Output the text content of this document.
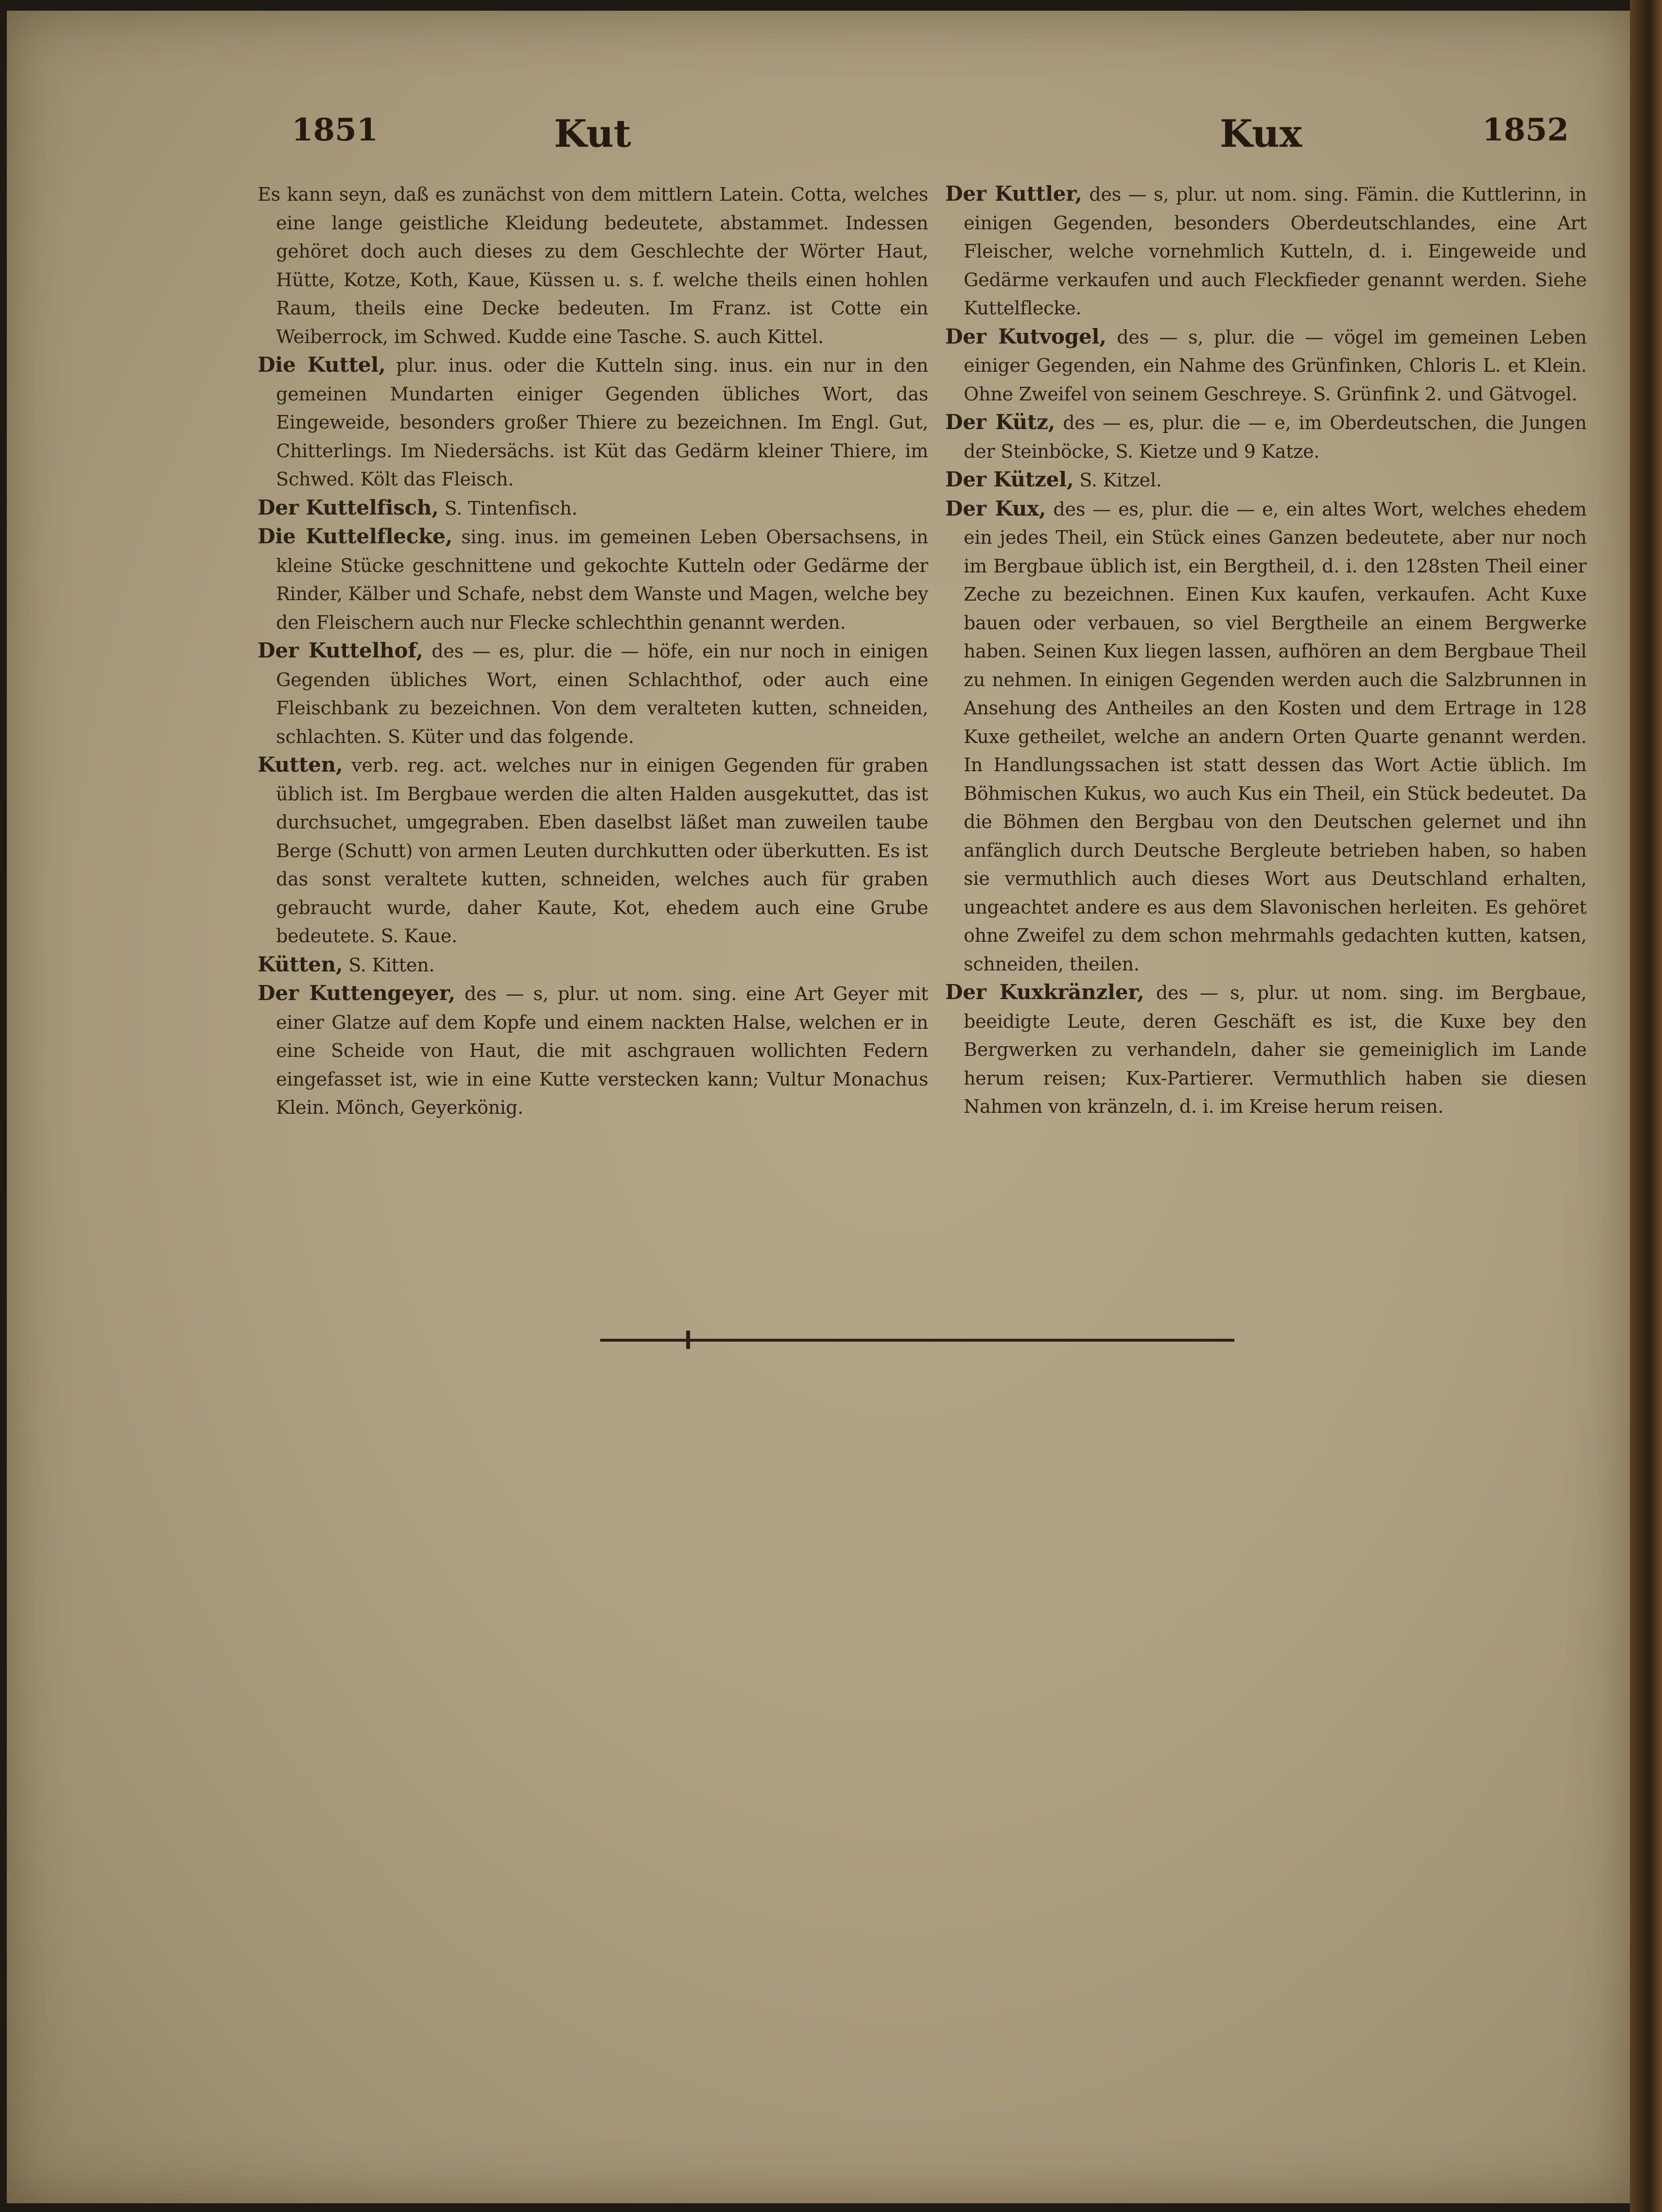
1851	Kut	Kux	1852

Es kann seyn, daß es zunächst von dem mittlern Latein. Cotta, welches eine lange geistliche Kleidung bedeutete, abstammet. Indessen gehöret doch auch dieses zu dem Geschlechte der Wörter Haut, Hütte, Kotze, Koth, Kaue, Küssen u. s. f. welche theils einen hohlen Raum, theils eine Decke bedeuten. Im Franz. ist Cotte ein Weiberrock, im Schwed. Kudde eine Tasche. S. auch Kittel.

Die Kuttel, plur. inus. oder die Kutteln sing. inus. ein nur in den gemeinen Mundarten einiger Gegenden übliches Wort, das Eingeweide, besonders großer Thiere zu bezeichnen. Im Engl. Gut, Chitterlings. Im Niedersächs. ist Küt das Gedärm kleiner Thiere, im Schwed. Költ das Fleisch.

Der Kuttelfisch, S. Tintenfisch.

Die Kuttelflecke, sing. inus. im gemeinen Leben Obersachsens, in kleine Stücke geschnittene und gekochte Kutteln oder Gedärme der Rinder, Kälber und Schafe, nebst dem Wanste und Magen, welche bey den Fleischern auch nur Flecke schlechthin genannt werden.

Der Kuttelhof, des — es, plur. die — höfe, ein nur noch in einigen Gegenden übliches Wort, einen Schlachthof, oder auch eine Fleischbank zu bezeichnen. Von dem veralteten kutten, schneiden, schlachten. S. Küter und das folgende.

Kutten, verb. reg. act. welches nur in einigen Gegenden für graben üblich ist. Im Bergbaue werden die alten Halden ausgekuttet, das ist durchsuchet, umgegraben. Eben daselbst läßet man zuweilen taube Berge (Schutt) von armen Leuten durchkutten oder überkutten. Es ist das sonst veraltete kutten, schneiden, welches auch für graben gebraucht wurde, daher Kaute, Kot, ehedem auch eine Grube bedeutete. S. Kaue.

Kütten, S. Kitten.

Der Kuttengeyer, des — s, plur. ut nom. sing. eine Art Geyer mit einer Glatze auf dem Kopfe und einem nackten Halse, welchen er in eine Scheide von Haut, die mit aschgrauen wollichten Federn eingefasset ist, wie in eine Kutte verstecken kann; Vultur Monachus Klein. Mönch, Geyerkönig.

Der Kuttler, des — s, plur. ut nom. sing. Fämin. die Kuttlerinn, in einigen Gegenden, besonders Oberdeutschlandes, eine Art Fleischer, welche vornehmlich Kutteln, d. i. Eingeweide und Gedärme verkaufen und auch Fleckfieder genannt werden. Siehe Kuttelflecke.

Der Kutvogel, des — s, plur. die — vögel im gemeinen Leben einiger Gegenden, ein Nahme des Grünfinken, Chloris L. et Klein. Ohne Zweifel von seinem Geschreye. S. Grünfink 2. und Gätvogel.

Der Kütz, des — es, plur. die — e, im Oberdeutschen, die Jungen der Steinböcke, S. Kietze und 9 Katze.

Der Kützel, S. Kitzel.

Der Kux, des — es, plur. die — e, ein altes Wort, welches ehedem ein jedes Theil, ein Stück eines Ganzen bedeutete, aber nur noch im Bergbaue üblich ist, ein Bergtheil, d. i. den 128sten Theil einer Zeche zu bezeichnen. Einen Kux kaufen, verkaufen. Acht Kuxe bauen oder verbauen, so viel Bergtheile an einem Bergwerke haben. Seinen Kux liegen lassen, aufhören an dem Bergbaue Theil zu nehmen. In einigen Gegenden werden auch die Salzbrunnen in Ansehung des Antheiles an den Kosten und dem Ertrage in 128 Kuxe getheilet, welche an andern Orten Quarte genannt werden. In Handlungssachen ist statt dessen das Wort Actie üblich. Im Böhmischen Kukus, wo auch Kus ein Theil, ein Stück bedeutet. Da die Böhmen den Bergbau von den Deutschen gelernet und ihn anfänglich durch Deutsche Bergleute betrieben haben, so haben sie vermuthlich auch dieses Wort aus Deutschland erhalten, ungeachtet andere es aus dem Slavonischen herleiten. Es gehöret ohne Zweifel zu dem schon mehrmahls gedachten kutten, katsen, schneiden, theilen.

Der Kuxkränzler, des — s, plur. ut nom. sing. im Bergbaue, beeidigte Leute, deren Geschäft es ist, die Kuxe bey den Bergwerken zu verhandeln, daher sie gemeiniglich im Lande herum reisen; Kux-Partierer. Vermuthlich haben sie diesen Nahmen von kränzeln, d. i. im Kreise herum reisen.
